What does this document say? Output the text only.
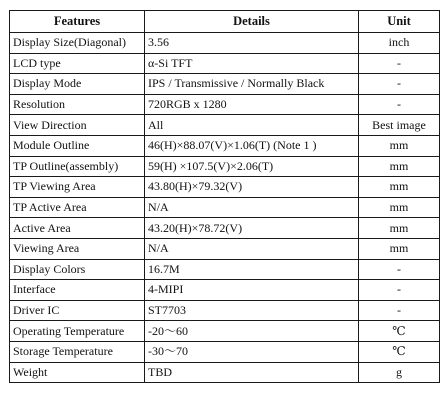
Features	Details	Unit
Display Size(Diagonal)	3.56	inch
LCD type	α-Si TFT	-
Display Mode	IPS / Transmissive / Normally Black	-
Resolution	720RGB x 1280	-
View Direction	All	Best image
Module Outline	46(H)×88.07(V)×1.06(T) (Note 1 )	mm
TP Outline(assembly)	59(H) ×107.5(V)×2.06(T)	mm
TP Viewing Area	43.80(H)×79.32(V)	mm
TP Active Area	N/A	mm
Active Area	43.20(H)×78.72(V)	mm
Viewing Area	N/A	mm
Display Colors	16.7M	-
Interface	4-MIPI	-
Driver IC	ST7703	-
Operating Temperature	-20～60	℃
Storage Temperature	-30～70	℃
Weight	TBD	g
